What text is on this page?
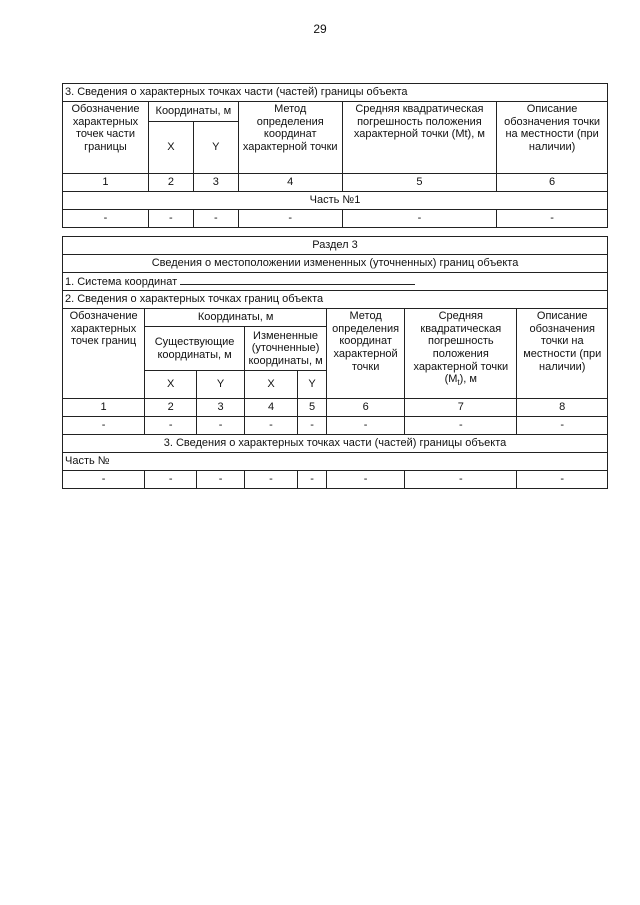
29
3. Сведения о характерных точках части (частей) границы объекта					
Обозначение характерных точек части границы	Координаты, м		Метод определения координат характерной точки	Средняя квадратическая погрешность положения характерной точки (Mt), м	Описание обозначения точки на местности (при наличии)
	X	Y			
1	2	3	4	5	6
Часть №1					
-	-	-	-	-	-
Раздел 3							
Сведения о местоположении измененных (уточненных) границ объекта							
1. Система координат							
2. Сведения о характерных точках границ объекта							
Обозначение характерных точек границ	Координаты, м				Метод определения координат характерной точки	Средняя квадратическая погрешность положения характерной точки $(M_t)$, м	Описание обозначения точки на местности (при наличии)
	Существующие координаты, м		Измененные (уточненные) координаты, м				
	X	Y	X	Y			
1	2	3	4	5	6	7	8
-	-	-	-	-	-	-	-
3. Сведения о характерных точках части (частей) границы объекта							
Часть №							
-	-	-	-	-	-	-	-
